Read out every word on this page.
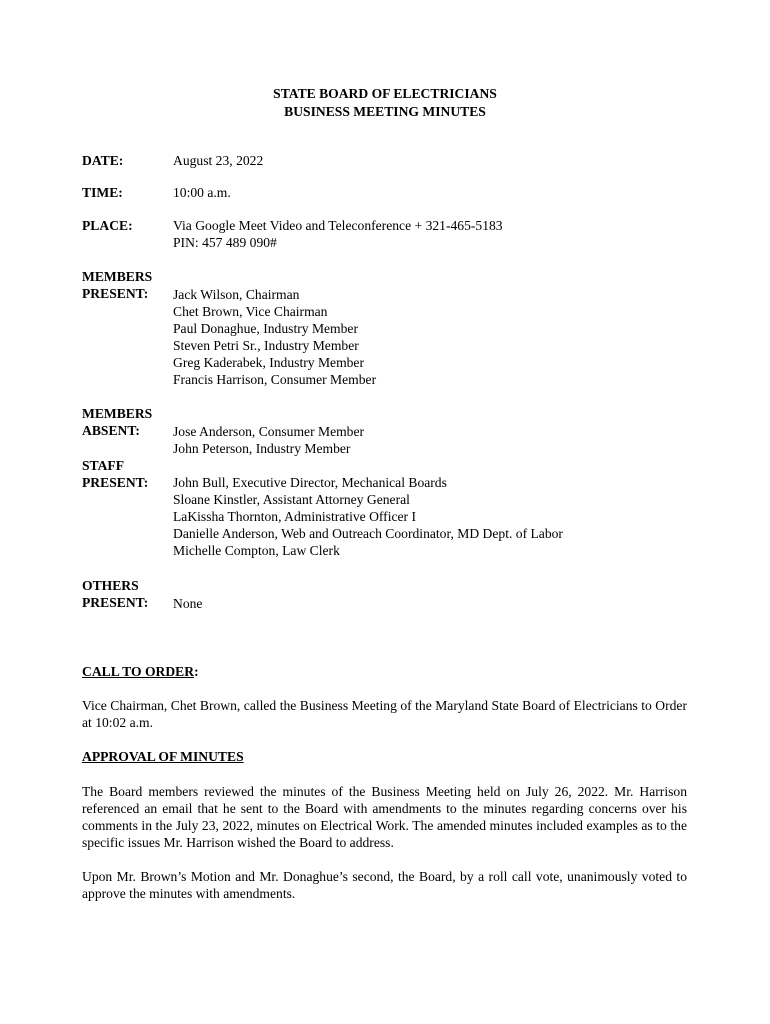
STATE BOARD OF ELECTRICIANS
BUSINESS MEETING MINUTES
DATE:	August 23, 2022
TIME:	10:00 a.m.
PLACE:	Via Google Meet Video and Teleconference + 321-465-5183
PIN: 457 489 090#
MEMBERS
PRESENT: Jack Wilson, Chairman
Chet Brown, Vice Chairman
Paul Donaghue, Industry Member
Steven Petri Sr., Industry Member
Greg Kaderabek, Industry Member
Francis Harrison, Consumer Member
MEMBERS
ABSENT:	Jose Anderson, Consumer Member
John Peterson, Industry Member
STAFF
PRESENT: John Bull, Executive Director, Mechanical Boards
Sloane Kinstler, Assistant Attorney General
LaKissha Thornton, Administrative Officer I
Danielle Anderson, Web and Outreach Coordinator, MD Dept. of Labor
Michelle Compton, Law Clerk
OTHERS
PRESENT: None
CALL TO ORDER:
Vice Chairman, Chet Brown, called the Business Meeting of the Maryland State Board of Electricians to Order at 10:02 a.m.
APPROVAL OF MINUTES
The Board members reviewed the minutes of the Business Meeting held on July 26, 2022. Mr. Harrison referenced an email that he sent to the Board with amendments to the minutes regarding concerns over his comments in the July 23, 2022, minutes on Electrical Work. The amended minutes included examples as to the specific issues Mr. Harrison wished the Board to address.
Upon Mr. Brown’s Motion and Mr. Donaghue’s second, the Board, by a roll call vote, unanimously voted to approve the minutes with amendments.
